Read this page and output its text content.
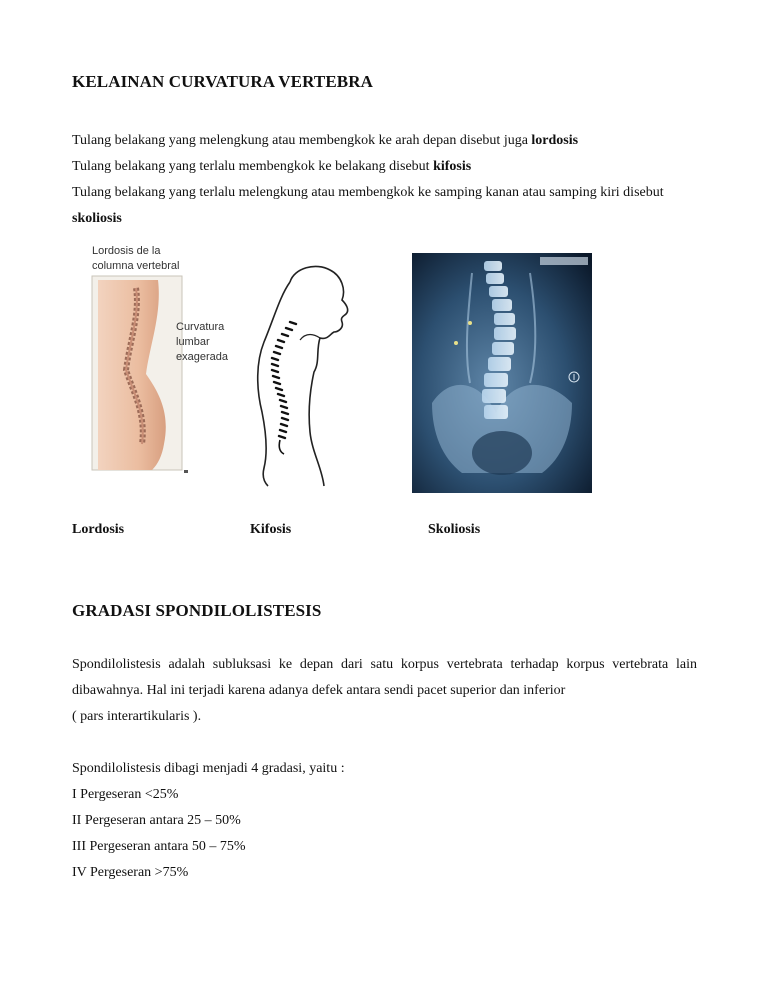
KELAINAN CURVATURA VERTEBRA
Tulang belakang yang melengkung atau membengkok ke arah depan disebut juga lordosis
Tulang belakang yang terlalu membengkok ke belakang disebut kifosis
Tulang belakang yang terlalu melengkung atau membengkok ke samping kanan atau samping kiri disebut
skoliosis
Lordosis de la
columna vertebral
Curvatura
lumbar
exagerada
Lordosis	Kifosis	Skoliosis
GRADASI SPONDILOLISTESIS
Spondilolistesis adalah subluksasi ke depan dari satu korpus vertebrata terhadap korpus vertebrata lain dibawahnya. Hal ini terjadi karena adanya defek antara sendi pacet superior dan inferior
( pars interartikularis ).
Spondilolistesis dibagi menjadi 4 gradasi, yaitu :
I Pergeseran <25%
II Pergeseran antara 25 – 50%
III Pergeseran antara 50 – 75%
IV Pergeseran >75%
